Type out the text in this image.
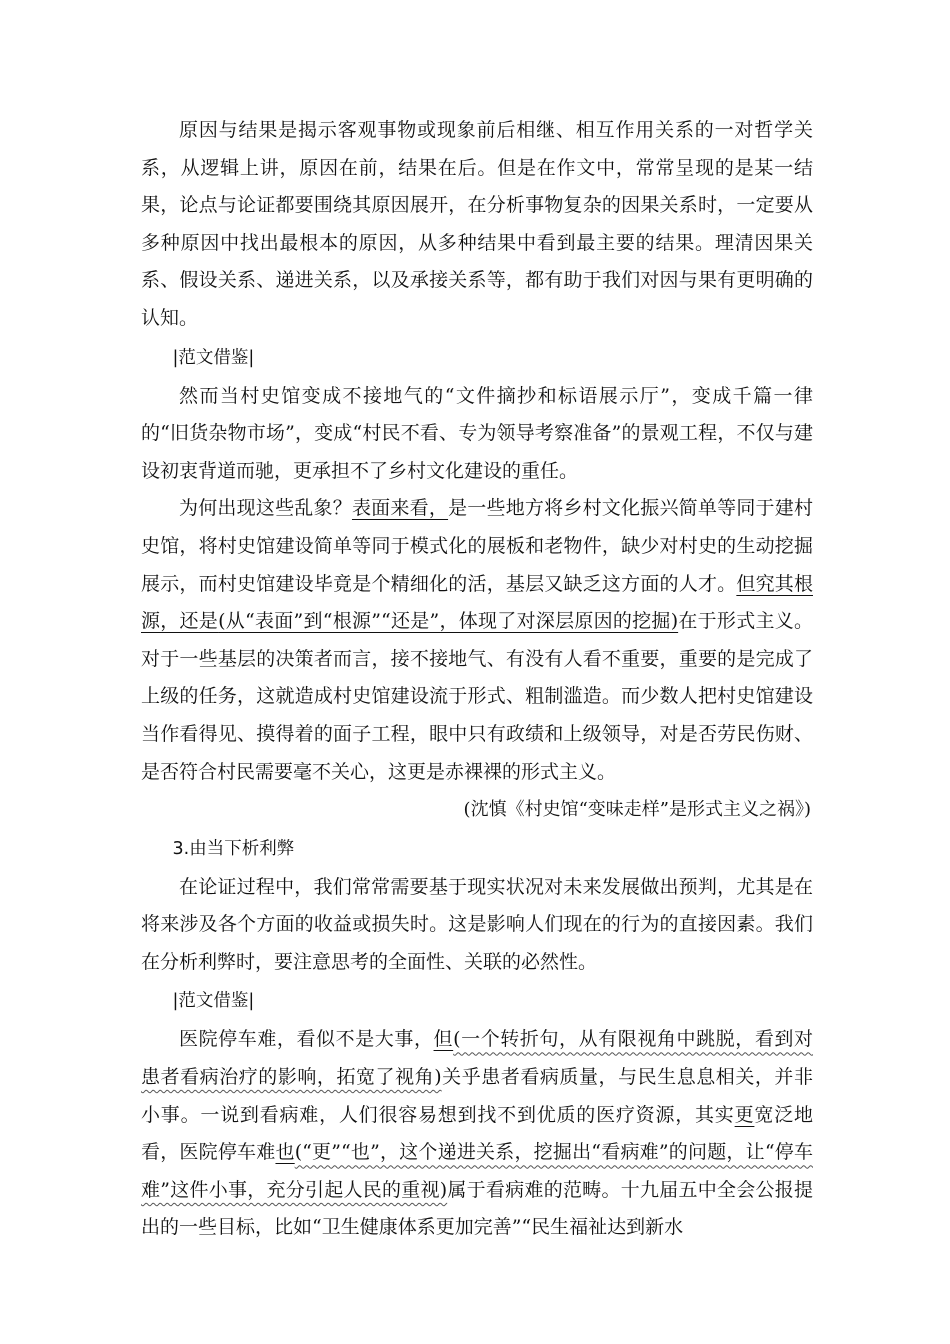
原因与结果是揭示客观事物或现象前后相继、相互作用关系的一对哲学关系，从逻辑上讲，原因在前，结果在后。但是在作文中，常常呈现的是某一结果，论点与论证都要围绕其原因展开，在分析事物复杂的因果关系时，一定要从多种原因中找出最根本的原因，从多种结果中看到最主要的结果。理清因果关系、假设关系、递进关系，以及承接关系等，都有助于我们对因与果有更明确的认知。

|范文借鉴|

然而当村史馆变成不接地气的“文件摘抄和标语展示厅”，变成千篇一律的“旧货杂物市场”，变成“村民不看、专为领导考察准备”的景观工程，不仅与建设初衷背道而驰，更承担不了乡村文化建设的重任。

为何出现这些乱象？表面来看，是一些地方将乡村文化振兴简单等同于建村史馆，将村史馆建设简单等同于模式化的展板和老物件，缺少对村史的生动挖掘展示，而村史馆建设毕竟是个精细化的活，基层又缺乏这方面的人才。但究其根源，还是(从“表面”到“根源”“还是”，体现了对深层原因的挖掘)在于形式主义。对于一些基层的决策者而言，接不接地气、有没有人看不重要，重要的是完成了上级的任务，这就造成村史馆建设流于形式、粗制滥造。而少数人把村史馆建设当作看得见、摸得着的面子工程，眼中只有政绩和上级领导，对是否劳民伤财、是否符合村民需要毫不关心，这更是赤裸裸的形式主义。

(沈慎《村史馆“变味走样”是形式主义之祸》)

3.由当下析利弊

在论证过程中，我们常常需要基于现实状况对未来发展做出预判，尤其是在将来涉及各个方面的收益或损失时。这是影响人们现在的行为的直接因素。我们在分析利弊时，要注意思考的全面性、关联的必然性。

|范文借鉴|

医院停车难，看似不是大事，但(一个转折句，从有限视角中跳脱，看到对患者看病治疗的影响，拓宽了视角)关乎患者看病质量，与民生息息相关，并非小事。一说到看病难，人们很容易想到找不到优质的医疗资源，其实更宽泛地看，医院停车难也(“更”“也”，这个递进关系，挖掘出“看病难”的问题，让“停车难”这件小事，充分引起人民的重视)属于看病难的范畴。十九届五中全会公报提出的一些目标，比如“卫生健康体系更加完善”“民生福祉达到新水
